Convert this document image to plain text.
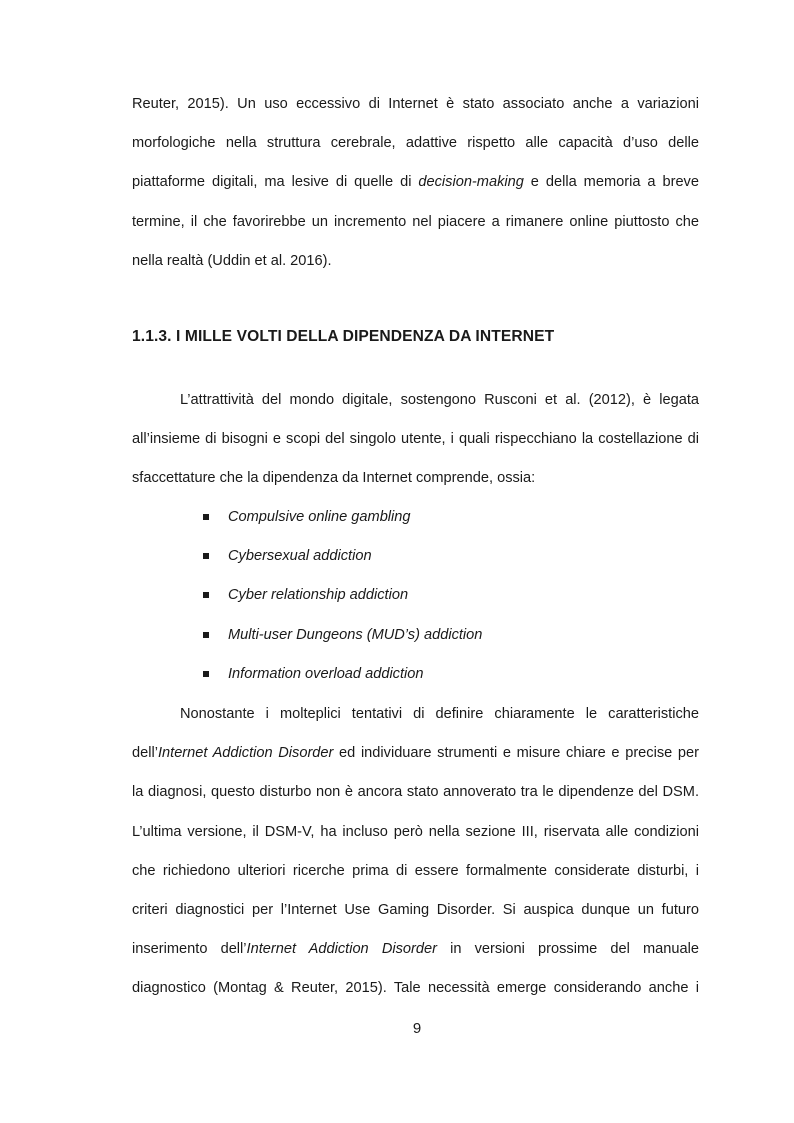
Reuter, 2015). Un uso eccessivo di Internet è stato associato anche a variazioni
morfologiche nella struttura cerebrale, adattive rispetto alle capacità d’uso delle
piattaforme digitali, ma lesive di quelle di decision-making e della memoria a breve
termine, il che favorirebbe un incremento nel piacere a rimanere online piuttosto che
nella realtà (Uddin et al. 2016).
1.1.3. I MILLE VOLTI DELLA DIPENDENZA DA INTERNET
L’attrattività del mondo digitale, sostengono Rusconi et al. (2012), è legata
all’insieme di bisogni e scopi del singolo utente, i quali rispecchiano la costellazione di
sfaccettature che la dipendenza da Internet comprende, ossia:
Compulsive online gambling
Cybersexual addiction
Cyber relationship addiction
Multi-user Dungeons (MUD’s) addiction
Information overload addiction
Nonostante i molteplici tentativi di definire chiaramente le caratteristiche
dell’Internet Addiction Disorder ed individuare strumenti e misure chiare e precise per
la diagnosi, questo disturbo non è ancora stato annoverato tra le dipendenze del DSM.
L’ultima versione, il DSM-V, ha incluso però nella sezione III, riservata alle condizioni
che richiedono ulteriori ricerche prima di essere formalmente considerate disturbi, i
criteri diagnostici per l’Internet Use Gaming Disorder. Si auspica dunque un futuro
inserimento dell’Internet Addiction Disorder in versioni prossime del manuale
diagnostico (Montag & Reuter, 2015). Tale necessità emerge considerando anche i
9
